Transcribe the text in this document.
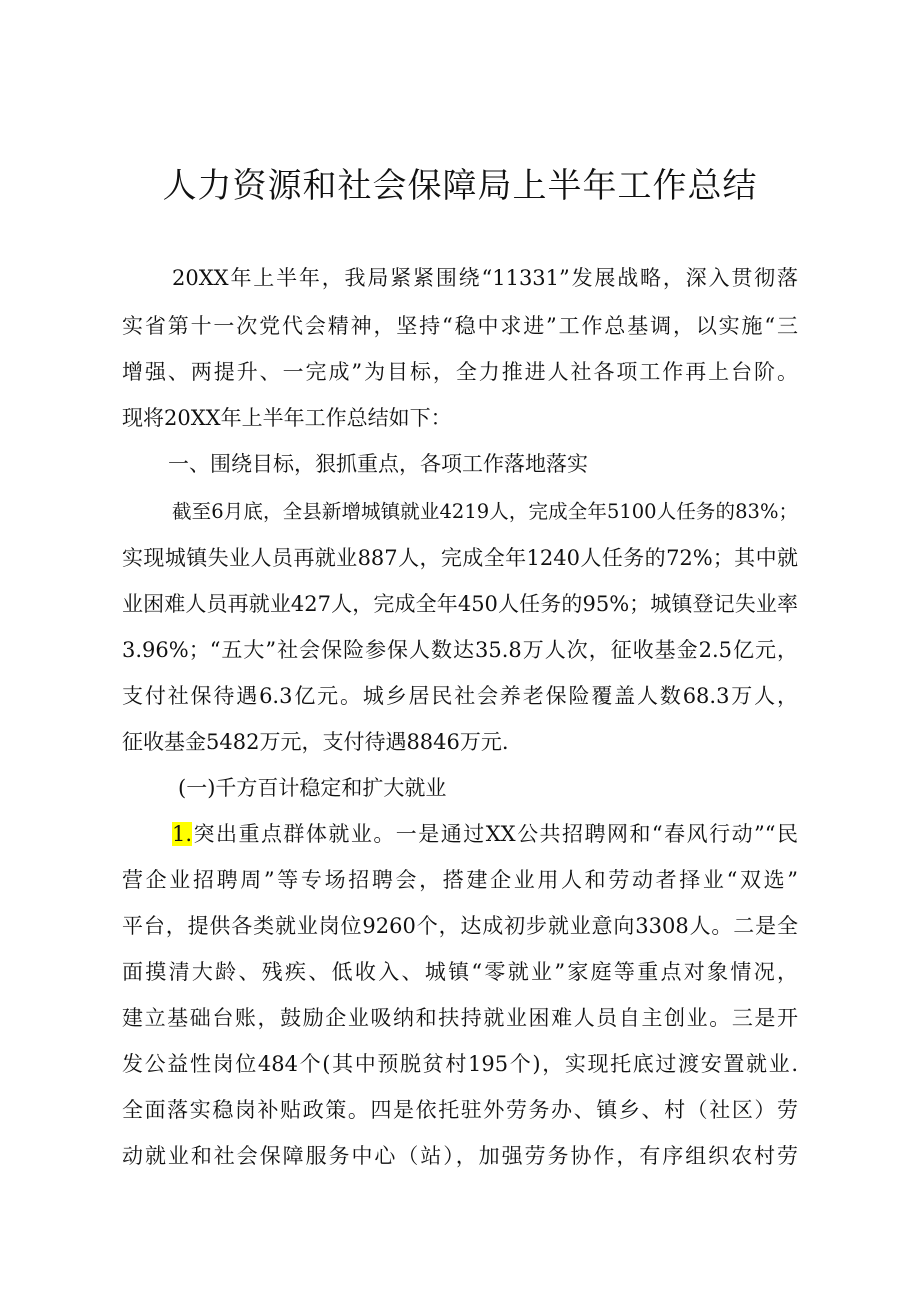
人力资源和社会保障局上半年工作总结
20XX年上半年，我局紧紧围绕“11331”发展战略，深入贯彻落
实省第十一次党代会精神，坚持“稳中求进”工作总基调，以实施“三
增强、两提升、一完成”为目标，全力推进人社各项工作再上台阶。
现将20XX年上半年工作总结如下：
一、围绕目标，狠抓重点，各项工作落地落实
截至6月底，全县新增城镇就业4219人，完成全年5100人任务的83%；
实现城镇失业人员再就业887人，完成全年1240人任务的72%；其中就
业困难人员再就业427人，完成全年450人任务的95%；城镇登记失业率
3.96%；“五大”社会保险参保人数达35.8万人次，征收基金2.5亿元，
支付社保待遇6.3亿元。城乡居民社会养老保险覆盖人数68.3万人，
征收基金5482万元，支付待遇8846万元.
(一)千方百计稳定和扩大就业
1.突出重点群体就业。一是通过XX公共招聘网和“春风行动”“民
营企业招聘周”等专场招聘会，搭建企业用人和劳动者择业“双选”
平台，提供各类就业岗位9260个，达成初步就业意向3308人。二是全
面摸清大龄、残疾、低收入、城镇“零就业”家庭等重点对象情况，
建立基础台账，鼓励企业吸纳和扶持就业困难人员自主创业。三是开
发公益性岗位484个(其中预脱贫村195个)，实现托底过渡安置就业.
全面落实稳岗补贴政策。四是依托驻外劳务办、镇乡、村（社区）劳
动就业和社会保障服务中心（站），加强劳务协作，有序组织农村劳
